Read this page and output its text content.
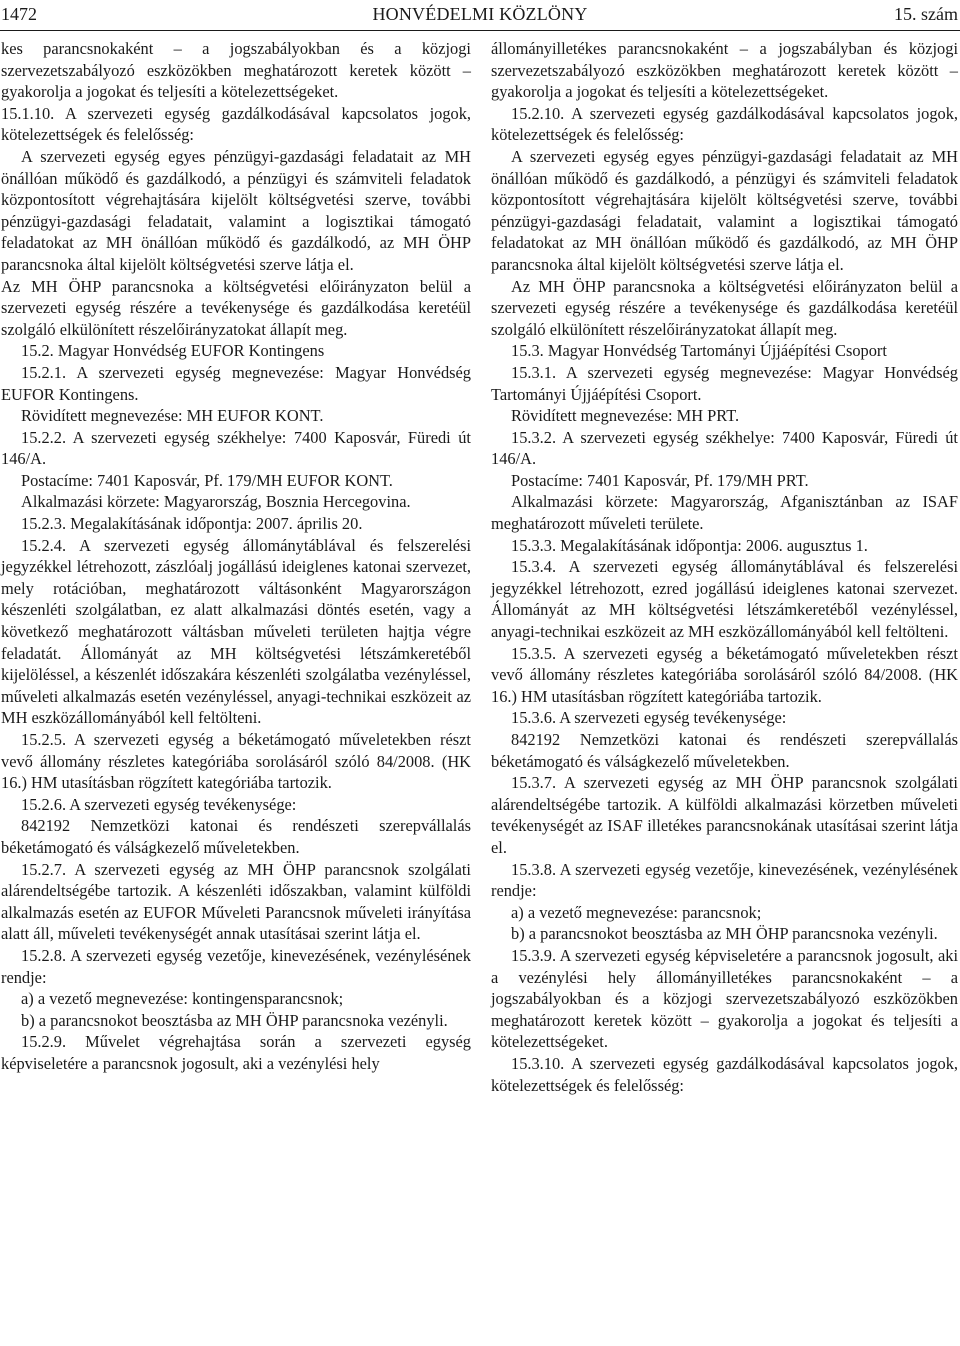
1472	HONVÉDELMI KÖZLÖNY	15. szám

kes parancsnokaként – a jogszabályokban és a közjogi szervezetszabályozó eszközökben meghatározott keretek között – gyakorolja a jogokat és teljesíti a kötelezettségeket.

15.1.10. A szervezeti egység gazdálkodásával kapcsolatos jogok, kötelezettségek és felelősség:

A szervezeti egység egyes pénzügyi-gazdasági feladatait az MH önállóan működő és gazdálkodó, a pénzügyi és számviteli feladatok központosított végrehajtására kijelölt költségvetési szerve, további pénzügyi-gazdasági feladatait, valamint a logisztikai támogató feladatokat az MH önállóan működő és gazdálkodó, az MH ÖHP parancsnoka által kijelölt költségvetési szerve látja el.

Az MH ÖHP parancsnoka a költségvetési előirányzaton belül a szervezeti egység részére a tevékenysége és gazdálkodása keretéül szolgáló elkülönített részelőirányzatokat állapít meg.

15.2. Magyar Honvédség EUFOR Kontingens

15.2.1. A szervezeti egység megnevezése: Magyar Honvédség EUFOR Kontingens.

Rövidített megnevezése: MH EUFOR KONT.

15.2.2. A szervezeti egység székhelye: 7400 Kaposvár, Füredi út 146/A.

Postacíme: 7401 Kaposvár, Pf. 179/MH EUFOR KONT.

Alkalmazási körzete: Magyarország, Bosznia Hercegovina.

15.2.3. Megalakításának időpontja: 2007. április 20.

15.2.4. A szervezeti egység állománytáblával és felszerelési jegyzékkel létrehozott, zászlóalj jogállású ideiglenes katonai szervezet, mely rotációban, meghatározott váltásonként Magyarországon készenléti szolgálatban, ez alatt alkalmazási döntés esetén, vagy a következő meghatározott váltásban műveleti területen hajtja végre feladatát. Állományát az MH költségvetési létszámkeretéből kijelöléssel, a készenlét időszakára készenléti szolgálatba vezényléssel, műveleti alkalmazás esetén vezényléssel, anyagi-technikai eszközeit az MH eszközállományából kell feltölteni.

15.2.5. A szervezeti egység a béketámogató műveletekben részt vevő állomány részletes kategóriába sorolásáról szóló 84/2008. (HK 16.) HM utasításban rögzített kategóriába tartozik.

15.2.6. A szervezeti egység tevékenysége:

842192 Nemzetközi katonai és rendészeti szerepvállalás béketámogató és válságkezelő műveletekben.

15.2.7. A szervezeti egység az MH ÖHP parancsnok szolgálati alárendeltségébe tartozik. A készenléti időszakban, valamint külföldi alkalmazás esetén az EUFOR Műveleti Parancsnok műveleti irányítása alatt áll, műveleti tevékenységét annak utasításai szerint látja el.

15.2.8. A szervezeti egység vezetője, kinevezésének, vezénylésének rendje:

a) a vezető megnevezése: kontingensparancsnok;

b) a parancsnokot beosztásba az MH ÖHP parancsnoka vezényli.

15.2.9. Művelet végrehajtása során a szervezeti egység képviseletére a parancsnok jogosult, aki a vezénylési hely

állományilletékes parancsnokaként – a jogszabályban és közjogi szervezetszabályozó eszközökben meghatározott keretek között – gyakorolja a jogokat és teljesíti a kötelezettségeket.

15.2.10. A szervezeti egység gazdálkodásával kapcsolatos jogok, kötelezettségek és felelősség:

A szervezeti egység egyes pénzügyi-gazdasági feladatait az MH önállóan működő és gazdálkodó, a pénzügyi és számviteli feladatok központosított végrehajtására kijelölt költségvetési szerve, további pénzügyi-gazdasági feladatait, valamint a logisztikai támogató feladatokat az MH önállóan működő és gazdálkodó, az MH ÖHP parancsnoka által kijelölt költségvetési szerve látja el.

Az MH ÖHP parancsnoka a költségvetési előirányzaton belül a szervezeti egység részére a tevékenysége és gazdálkodása keretéül szolgáló elkülönített részelőirányzatokat állapít meg.

15.3. Magyar Honvédség Tartományi Újjáépítési Csoport

15.3.1. A szervezeti egység megnevezése: Magyar Honvédség Tartományi Újjáépítési Csoport.

Rövidített megnevezése: MH PRT.

15.3.2. A szervezeti egység székhelye: 7400 Kaposvár, Füredi út 146/A.

Postacíme: 7401 Kaposvár, Pf. 179/MH PRT.

Alkalmazási körzete: Magyarország, Afganisztánban az ISAF meghatározott műveleti területe.

15.3.3. Megalakításának időpontja: 2006. augusztus 1.

15.3.4. A szervezeti egység állománytáblával és felszerelési jegyzékkel létrehozott, ezred jogállású ideiglenes katonai szervezet. Állományát az MH költségvetési létszámkeretéből vezényléssel, anyagi-technikai eszközeit az MH eszközállományából kell feltölteni.

15.3.5. A szervezeti egység a béketámogató műveletekben részt vevő állomány részletes kategóriába sorolásáról szóló 84/2008. (HK 16.) HM utasításban rögzített kategóriába tartozik.

15.3.6. A szervezeti egység tevékenysége:

842192 Nemzetközi katonai és rendészeti szerepvállalás béketámogató és válságkezelő műveletekben.

15.3.7. A szervezeti egység az MH ÖHP parancsnok szolgálati alárendeltségébe tartozik. A külföldi alkalmazási körzetben műveleti tevékenységét az ISAF illetékes parancsnokának utasításai szerint látja el.

15.3.8. A szervezeti egység vezetője, kinevezésének, vezénylésének rendje:

a) a vezető megnevezése: parancsnok;

b) a parancsnokot beosztásba az MH ÖHP parancsnoka vezényli.

15.3.9. A szervezeti egység képviseletére a parancsnok jogosult, aki a vezénylési hely állományilletékes parancsnokaként – a jogszabályokban és a közjogi szervezetszabályozó eszközökben meghatározott keretek között – gyakorolja a jogokat és teljesíti a kötelezettségeket.

15.3.10. A szervezeti egység gazdálkodásával kapcsolatos jogok, kötelezettségek és felelősség:
